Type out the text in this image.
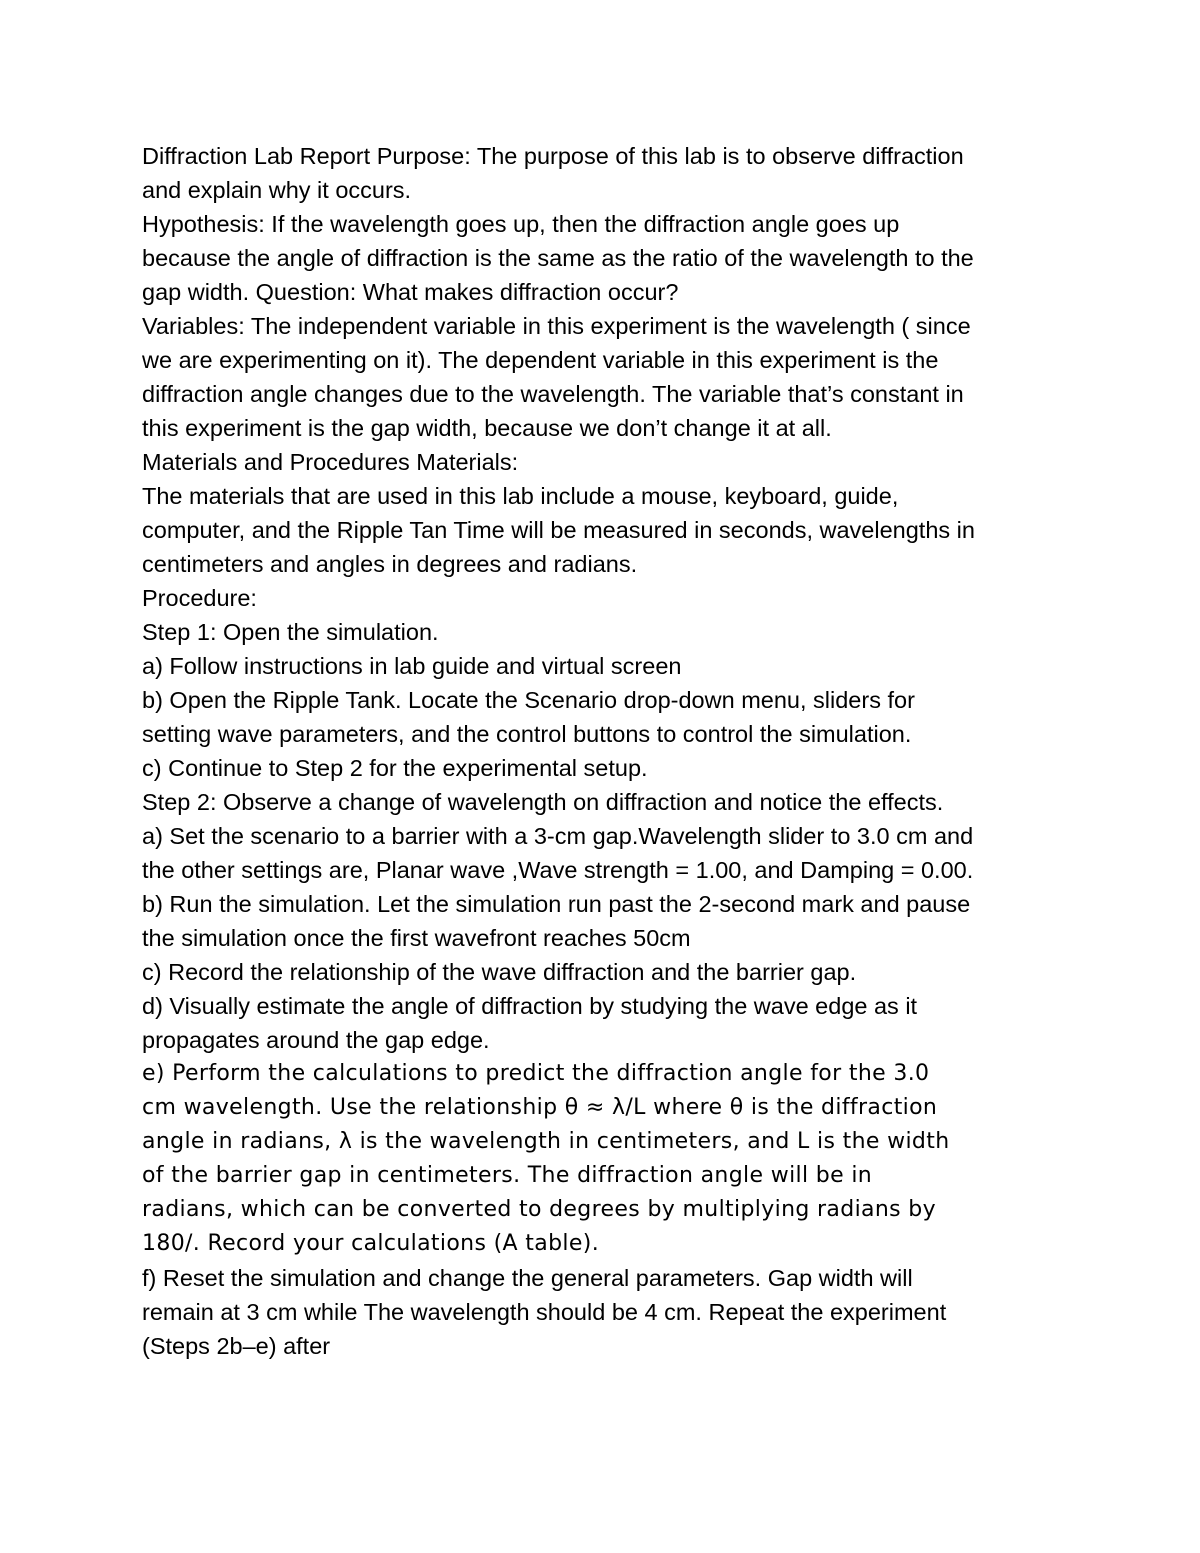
Diffraction Lab Report Purpose: The purpose of this lab is to observe diffraction
and explain why it occurs.
Hypothesis: If the wavelength goes up, then the diffraction angle goes up
because the angle of diffraction is the same as the ratio of the wavelength to the
gap width. Question: What makes diffraction occur?
Variables: The independent variable in this experiment is the wavelength ( since
we are experimenting on it). The dependent variable in this experiment is the
diffraction angle changes due to the wavelength. The variable that’s constant in
this experiment is the gap width, because we don’t change it at all.
Materials and Procedures Materials:
The materials that are used in this lab include a mouse, keyboard, guide,
computer, and the Ripple Tan Time will be measured in seconds, wavelengths in
centimeters and angles in degrees and radians.
Procedure:
Step 1: Open the simulation.
a) Follow instructions in lab guide and virtual screen
b) Open the Ripple Tank. Locate the Scenario drop-down menu, sliders for
setting wave parameters, and the control buttons to control the simulation.
c) Continue to Step 2 for the experimental setup.
Step 2: Observe a change of wavelength on diffraction and notice the effects.
a) Set the scenario to a barrier with a 3-cm gap.Wavelength slider to 3.0 cm and
the other settings are, Planar wave ,Wave strength = 1.00, and Damping = 0.00.
b) Run the simulation. Let the simulation run past the 2-second mark and pause
the simulation once the first wavefront reaches 50cm
c) Record the relationship of the wave diffraction and the barrier gap.
d) Visually estimate the angle of diffraction by studying the wave edge as it
propagates around the gap edge.
e) Perform the calculations to predict the diffraction angle for the 3.0
cm wavelength. Use the relationship θ ≈ λ/L where θ is the diffraction
angle in radians, λ is the wavelength in centimeters, and L is the width
of the barrier gap in centimeters. The diffraction angle will be in
radians, which can be converted to degrees by multiplying radians by
180/. Record your calculations (A table).
f) Reset the simulation and change the general parameters. Gap width will
remain at 3 cm while The wavelength should be 4 cm. Repeat the experiment
(Steps 2b–e) after
